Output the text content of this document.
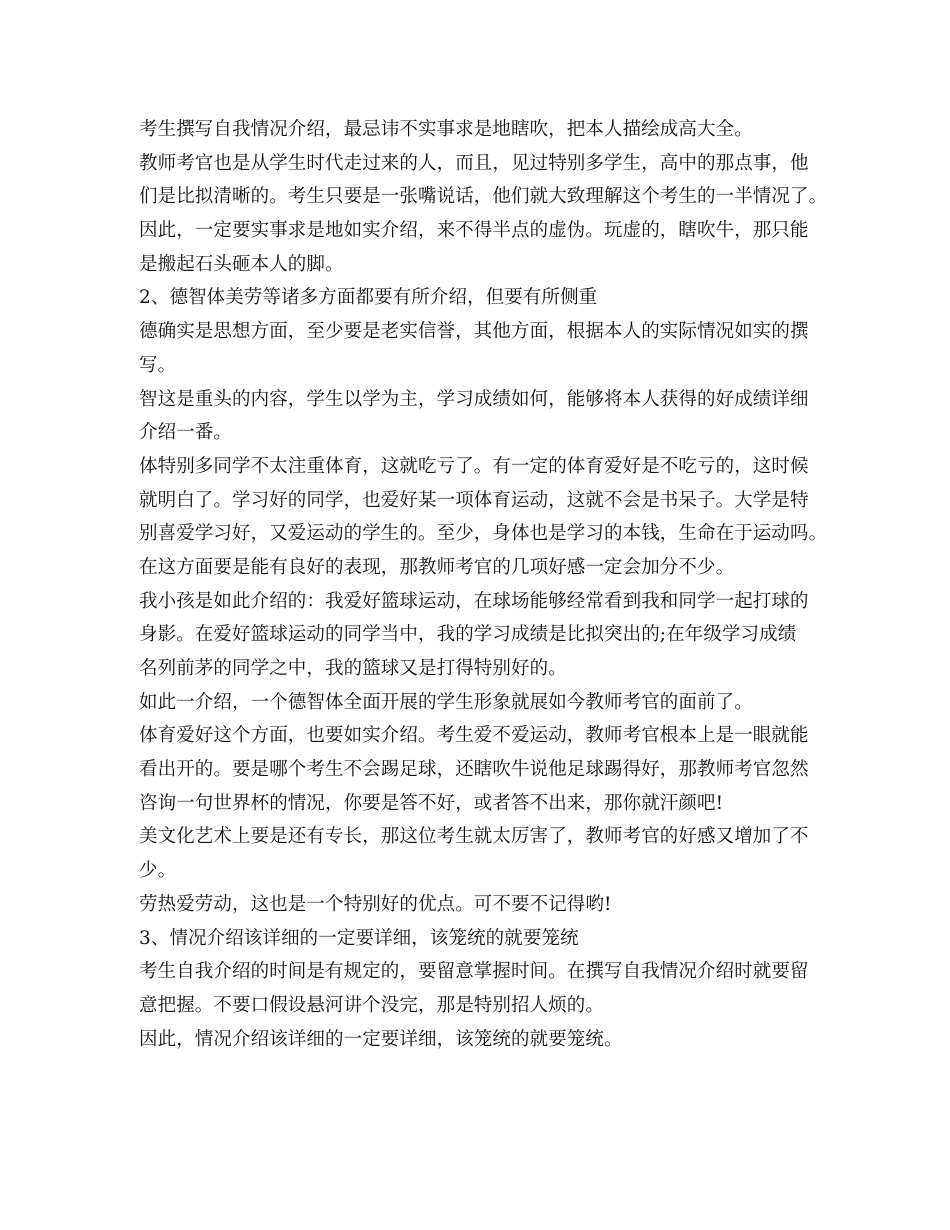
考生撰写自我情况介绍，最忌讳不实事求是地瞎吹，把本人描绘成高大全。
教师考官也是从学生时代走过来的人，而且，见过特别多学生，高中的那点事，他
们是比拟清晰的。考生只要是一张嘴说话，他们就大致理解这个考生的一半情况了。
因此，一定要实事求是地如实介绍，来不得半点的虚伪。玩虚的，瞎吹牛，那只能
是搬起石头砸本人的脚。
2、德智体美劳等诸多方面都要有所介绍，但要有所侧重
德确实是思想方面，至少要是老实信誉，其他方面，根据本人的实际情况如实的撰
写。
智这是重头的内容，学生以学为主，学习成绩如何，能够将本人获得的好成绩详细
介绍一番。
体特别多同学不太注重体育，这就吃亏了。有一定的体育爱好是不吃亏的，这时候
就明白了。学习好的同学，也爱好某一项体育运动，这就不会是书呆子。大学是特
别喜爱学习好，又爱运动的学生的。至少，身体也是学习的本钱，生命在于运动吗。
在这方面要是能有良好的表现，那教师考官的几项好感一定会加分不少。
我小孩是如此介绍的：我爱好篮球运动，在球场能够经常看到我和同学一起打球的
身影。在爱好篮球运动的同学当中，我的学习成绩是比拟突出的;在年级学习成绩
名列前茅的同学之中，我的篮球又是打得特别好的。
如此一介绍，一个德智体全面开展的学生形象就展如今教师考官的面前了。
体育爱好这个方面，也要如实介绍。考生爱不爱运动，教师考官根本上是一眼就能
看出开的。要是哪个考生不会踢足球，还瞎吹牛说他足球踢得好，那教师考官忽然
咨询一句世界杯的情况，你要是答不好，或者答不出来，那你就汗颜吧!
美文化艺术上要是还有专长，那这位考生就太厉害了，教师考官的好感又增加了不
少。
劳热爱劳动，这也是一个特别好的优点。可不要不记得哟!
3、情况介绍该详细的一定要详细，该笼统的就要笼统
考生自我介绍的时间是有规定的，要留意掌握时间。在撰写自我情况介绍时就要留
意把握。不要口假设悬河讲个没完，那是特别招人烦的。
因此，情况介绍该详细的一定要详细，该笼统的就要笼统。
